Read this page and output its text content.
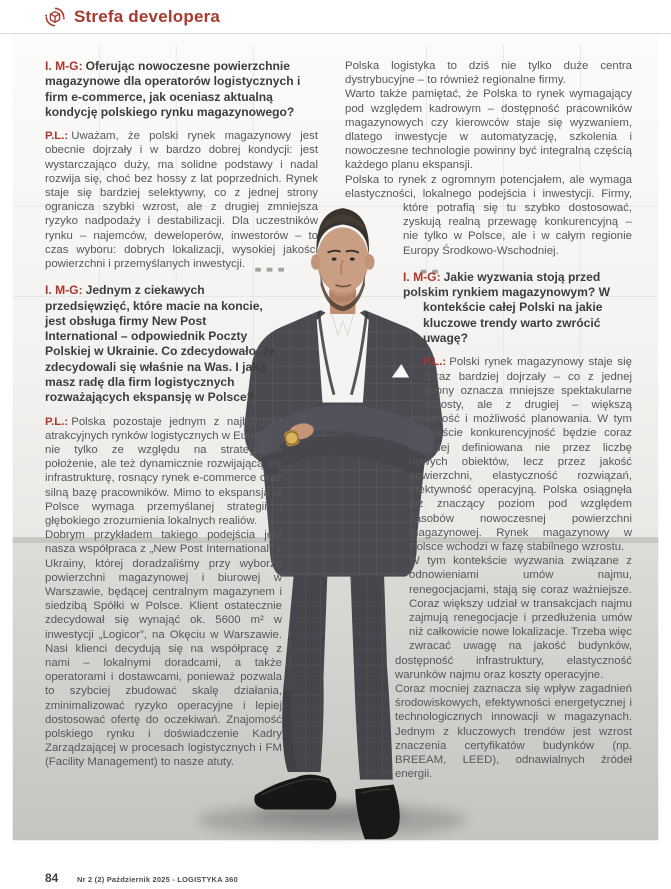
Strefa developera

I. M-G: Oferując nowoczesne powierzchnie magazynowe dla operatorów logistycznych i firm e-commerce, jak oceniasz aktualną kondycję polskiego rynku magazynowego?

P.L.: Uważam, że polski rynek magazynowy jest obecnie dojrzały i w bardzo dobrej kondycji: jest wystarczająco duży, ma solidne podstawy i nadal rozwija się, choć bez hossy z lat poprzednich. Rynek staje się bardziej selektywny, co z jednej strony ogranicza szybki wzrost, ale z drugiej zmniejsza ryzyko nadpodaży i destabilizacji. Dla uczestników rynku – najemców, deweloperów, inwestorów – to czas wyboru: dobrych lokalizacji, wysokiej jakości powierzchni i przemyślanych inwestycji.

I. M-G: Jednym z ciekawych przedsięwzięć, które macie na koncie, jest obsługa firmy New Post International – odpowiednik Poczty Polskiej w Ukrainie. Co zdecydowało, że zdecydowali się właśnie na Was. I jaką masz radę dla firm logistycznych rozważających ekspansję w Polsce?

P.L.: Polska pozostaje jednym z najbardziej atrakcyjnych rynków logistycznych w Europie – nie tylko ze względu na strategiczne położenie, ale też dynamicznie rozwijającą się infrastrukturę, rosnący rynek e-commerce oraz silną bazę pracowników. Mimo to ekspansja w Polsce wymaga przemyślanej strategii i głębokiego zrozumienia lokalnych realiów.

Dobrym przykładem takiego podejścia jest nasza współpraca z „New Post International” z Ukrainy, której doradzaliśmy przy wyborze powierzchni magazynowej i biurowej w Warszawie, będącej centralnym magazynem i siedzibą Spółki w Polsce. Klient ostatecznie zdecydował się wynająć ok. 5600 m² w inwestycji „Logicor”, na Okęciu w Warszawie. Nasi klienci decydują się na współpracę z nami – lokalnymi doradcami, a także operatorami i dostawcami, ponieważ pozwala to szybciej zbudować skalę działania, zminimalizować ryzyko operacyjne i lepiej dostosować ofertę do oczekiwań. Znajomość polskiego rynku i doświadczenie Kadry Zarządzającej w procesach logistycznych i FM (Facility Management) to nasze atuty.

Polska logistyka to dziś nie tylko duże centra dystrybucyjne – to również regionalne firmy.

Warto także pamiętać, że Polska to rynek wymagający pod względem kadrowym – dostępność pracowników magazynowych czy kierowców staje się wyzwaniem, dlatego inwestycje w automatyzację, szkolenia i nowoczesne technologie powinny być integralną częścią każdego planu ekspansji.

Polska to rynek z ogromnym potencjałem, ale wymaga elastyczności, lokalnego podejścia i inwestycji. Firmy, które potrafią się tu szybko dostosować, zyskują realną przewagę konkurencyjną – nie tylko w Polsce, ale i w całym regionie Europy Środkowo-Wschodniej.

I. M-G: Jakie wyzwania stoją przed polskim rynkiem magazynowym? W kontekście całej Polski na jakie kluczowe trendy warto zwrócić uwagę?

P.L.: Polski rynek magazynowy staje się coraz bardziej dojrzały – co z jednej strony oznacza mniejsze spektakularne wzrosty, ale z drugiej – większą stabilność i możliwość planowania. W tym kontekście konkurencyjność będzie coraz częściej definiowana nie przez liczbę nowych obiektów, lecz przez jakość powierzchni, elastyczność rozwiązań, efektywność operacyjną. Polska osiągnęła już znaczący poziom pod względem zasobów nowoczesnej powierzchni magazynowej. Rynek magazynowy w Polsce wchodzi w fazę stabilnego wzrostu.

W tym kontekście wyzwania związane z odnowieniami umów najmu, renegocjacjami, stają się coraz ważniejsze. Coraz większy udział w transakcjach najmu zajmują renegocjacje i przedłużenia umów niż całkowicie nowe lokalizacje. Trzeba więc zwracać uwagę na jakość budynków, dostępność infrastruktury, elastyczność warunków najmu oraz koszty operacyjne.

Coraz mocniej zaznacza się wpływ zagadnień środowiskowych, efektywności energetycznej i technologicznych innowacji w magazynach. Jednym z kluczowych trendów jest wzrost znaczenia certyfikatów budynków (np. BREEAM, LEED), odnawialnych źródeł energii.

84 Nr 2 (2) Październik 2025 - LOGISTYKA 360
